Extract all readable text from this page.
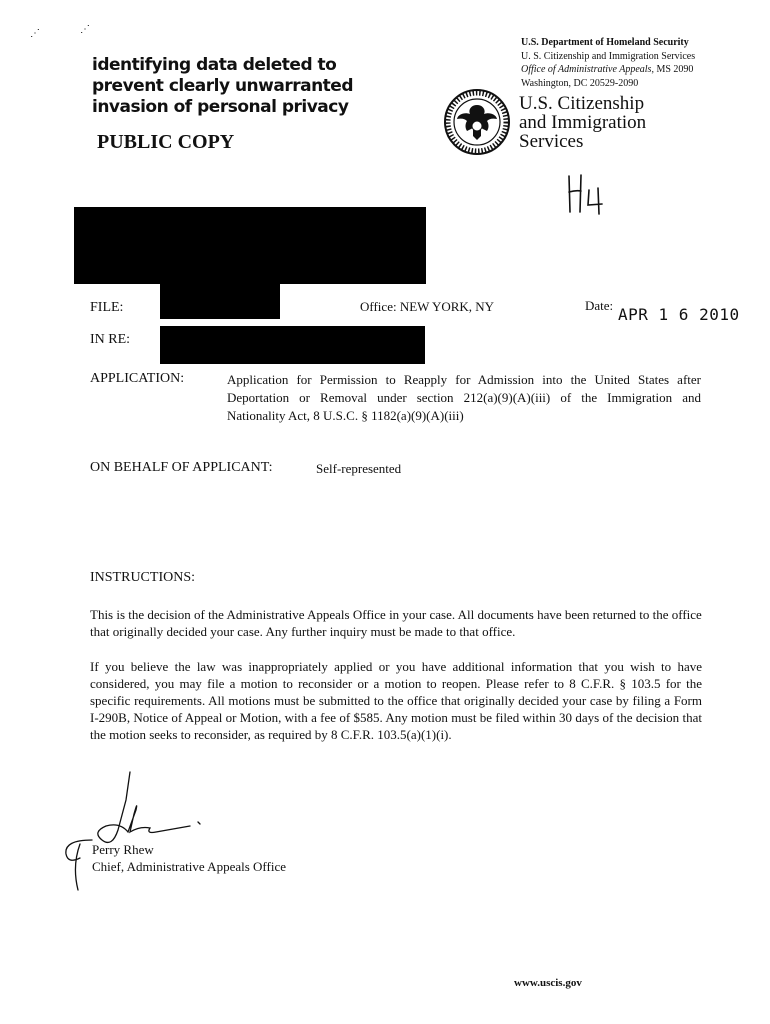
⋰	⋰
identifying data deleted to
prevent clearly unwarranted
invasion of personal privacy
PUBLIC COPY
U.S. Department of Homeland Security
U. S. Citizenship and Immigration Services
Office of Administrative Appeals, MS 2090
Washington, DC 20529-2090
U.S. Citizenship
and Immigration
Services
FILE:	Office: NEW YORK, NY	Date: APR 1 6 2010
IN RE:
APPLICATION:	Application for Permission to Reapply for Admission into the United States after
Deportation or Removal under section 212(a)(9)(A)(iii) of the Immigration and
Nationality Act, 8 U.S.C. § 1182(a)(9)(A)(iii)
ON BEHALF OF APPLICANT:	Self-represented
INSTRUCTIONS:
This is the decision of the Administrative Appeals Office in your case. All documents have been returned to the office that originally decided your case. Any further inquiry must be made to that office.
If you believe the law was inappropriately applied or you have additional information that you wish to have considered, you may file a motion to reconsider or a motion to reopen. Please refer to 8 C.F.R. § 103.5 for the specific requirements. All motions must be submitted to the office that originally decided your case by filing a Form I-290B, Notice of Appeal or Motion, with a fee of $585. Any motion must be filed within 30 days of the decision that the motion seeks to reconsider, as required by 8 C.F.R. 103.5(a)(1)(i).
Perry Rhew
Chief, Administrative Appeals Office
www.uscis.gov
